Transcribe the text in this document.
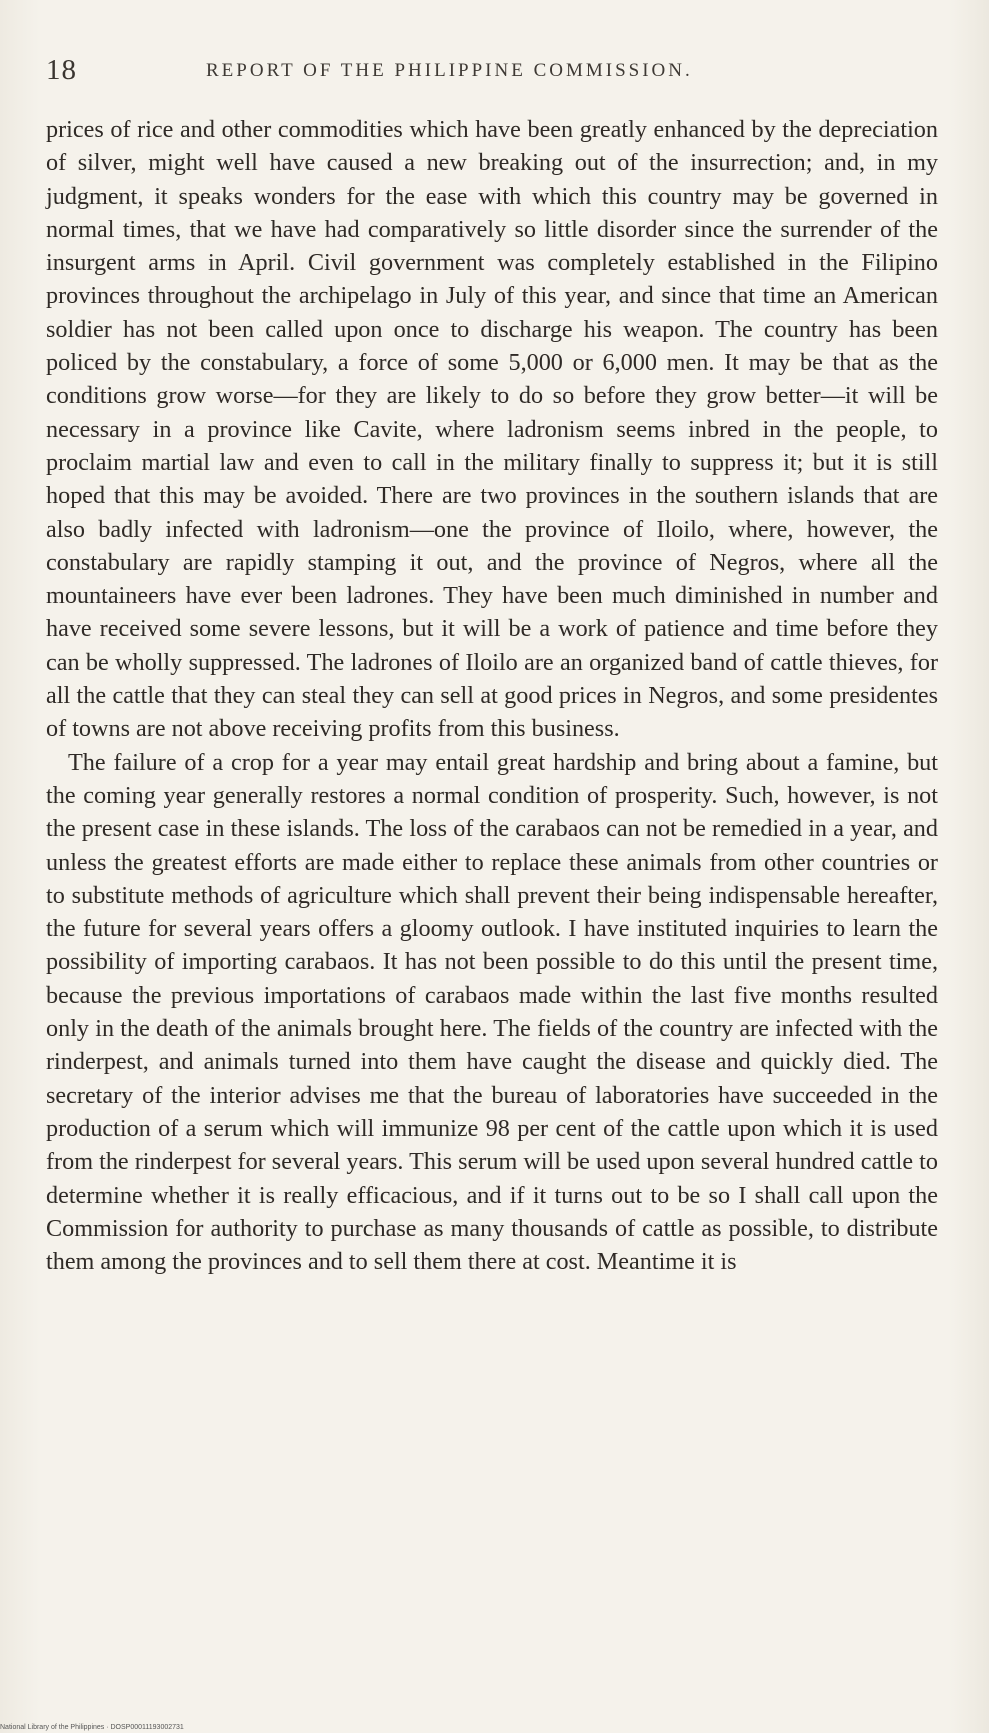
18	REPORT OF THE PHILIPPINE COMMISSION.

prices of rice and other commodities which have been greatly enhanced by the depreciation of silver, might well have caused a new breaking out of the insurrection; and, in my judgment, it speaks wonders for the ease with which this country may be governed in normal times, that we have had comparatively so little disorder since the surrender of the insurgent arms in April. Civil government was completely established in the Filipino provinces throughout the archipelago in July of this year, and since that time an American soldier has not been called upon once to discharge his weapon. The country has been policed by the constabulary, a force of some 5,000 or 6,000 men. It may be that as the conditions grow worse—for they are likely to do so before they grow better—it will be necessary in a province like Cavite, where ladronism seems inbred in the people, to proclaim martial law and even to call in the military finally to suppress it; but it is still hoped that this may be avoided. There are two provinces in the southern islands that are also badly infected with ladronism—one the province of Iloilo, where, however, the constabulary are rapidly stamping it out, and the province of Negros, where all the mountaineers have ever been ladrones. They have been much diminished in number and have received some severe lessons, but it will be a work of patience and time before they can be wholly suppressed. The ladrones of Iloilo are an organized band of cattle thieves, for all the cattle that they can steal they can sell at good prices in Negros, and some presidentes of towns are not above receiving profits from this business.

The failure of a crop for a year may entail great hardship and bring about a famine, but the coming year generally restores a normal condition of prosperity. Such, however, is not the present case in these islands. The loss of the carabaos can not be remedied in a year, and unless the greatest efforts are made either to replace these animals from other countries or to substitute methods of agriculture which shall prevent their being indispensable hereafter, the future for several years offers a gloomy outlook. I have instituted inquiries to learn the possibility of importing carabaos. It has not been possible to do this until the present time, because the previous importations of carabaos made within the last five months resulted only in the death of the animals brought here. The fields of the country are infected with the rinderpest, and animals turned into them have caught the disease and quickly died. The secretary of the interior advises me that the bureau of laboratories have succeeded in the production of a serum which will immunize 98 per cent of the cattle upon which it is used from the rinderpest for several years. This serum will be used upon several hundred cattle to determine whether it is really efficacious, and if it turns out to be so I shall call upon the Commission for authority to purchase as many thousands of cattle as possible, to distribute them among the provinces and to sell them there at cost. Meantime it is

National Library of the Philippines · DOSP00011193002731
